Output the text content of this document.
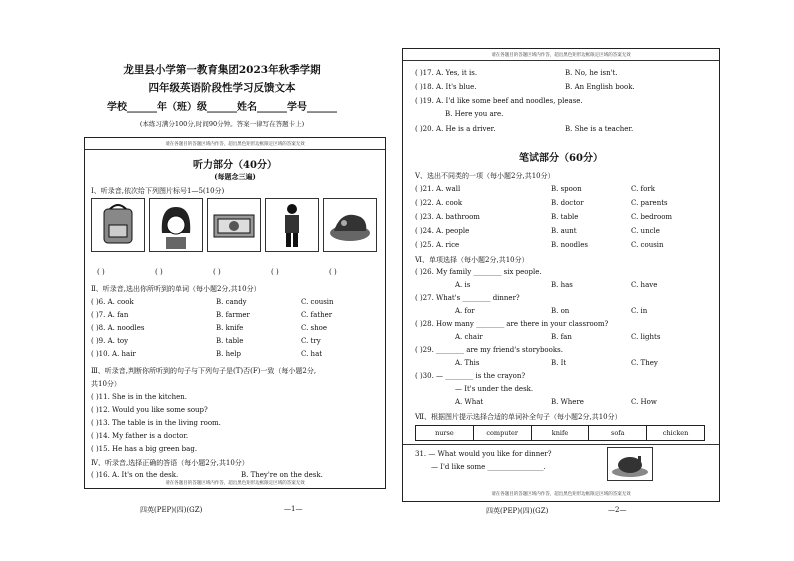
龙里县小学第一教育集团2023年秋季学期
四年级英语阶段性学习反馈文本
学校______年（班）级______姓名______学号______
(本练习满分100分,时间90分钟。答案一律写在答题卡上)
请在各题目的答题区域内作答，超出黑色矩形边框限定区域的答案无效
听力部分（40分）
(每题念三遍)
Ⅰ、听录音,依次给下列图片标号1—5(10分)
( )	( )	( )	( )	( )
Ⅱ、听录音,选出你所听到的单词（每小题2分,共10分）
( )6. A. cook	B. candy	C. cousin
( )7. A. fan	B. farmer	C. father
( )8. A. noodles	B. knife	C. shoe
( )9. A. toy	B. table	C. try
( )10. A. hair	B. help	C. hat
Ⅲ、听录音,判断你所听到的句子与下列句子是(T)否(F)一致（每小题2分,
共10分）
( )11. She is in the kitchen.
( )12. Would you like some soup?
( )13. The table is in the living room.
( )14. My father is a doctor.
( )15. He has a big green bag.
Ⅳ、听录音,选择正确的答语（每小题2分,共10分）
( )16. A. It's on the desk.	B. They're on the desk.
请在各题目的答题区域内作答，超出黑色矩形边框限定区域的答案无效
四英(PEP)(四)(GZ)	—1—
请在各题目的答题区域内作答，超出黑色矩形边框限定区域的答案无效
( )17. A. Yes, it is.	B. No, he isn't.
( )18. A. It's blue.	B. An English book.
( )19. A. I'd like some beef and noodles, please.
B. Here you are.
( )20. A. He is a driver.	B. She is a teacher.
笔试部分（60分）
Ⅴ、选出不同类的一项（每小题2分,共10分）
( )21. A. wall	B. spoon	C. fork
( )22. A. cook	B. doctor	C. parents
( )23. A. bathroom	B. table	C. bedroom
( )24. A. people	B. aunt	C. uncle
( )25. A. rice	B. noodles	C. cousin
Ⅵ、单项选择（每小题2分,共10分）
( )26. My family ________ six people.
A. is	B. has	C. have
( )27. What's ________ dinner?
A. for	B. on	C. in
( )28. How many ________ are there in your classroom?
A. chair	B. fan	C. lights
( )29. ________ are my friend's storybooks.
A. This	B. It	C. They
( )30. — ________ is the crayon?
— It's under the desk.
A. What	B. Where	C. How
Ⅶ、根据图片提示选择合适的单词补全句子（每小题2分,共10分）
nurse	computer	knife	sofa	chicken
31. — What would you like for dinner?
— I'd like some ________________.
请在各题目的答题区域内作答，超出黑色矩形边框限定区域的答案无效
四英(PEP)(四)(GZ)	—2—
